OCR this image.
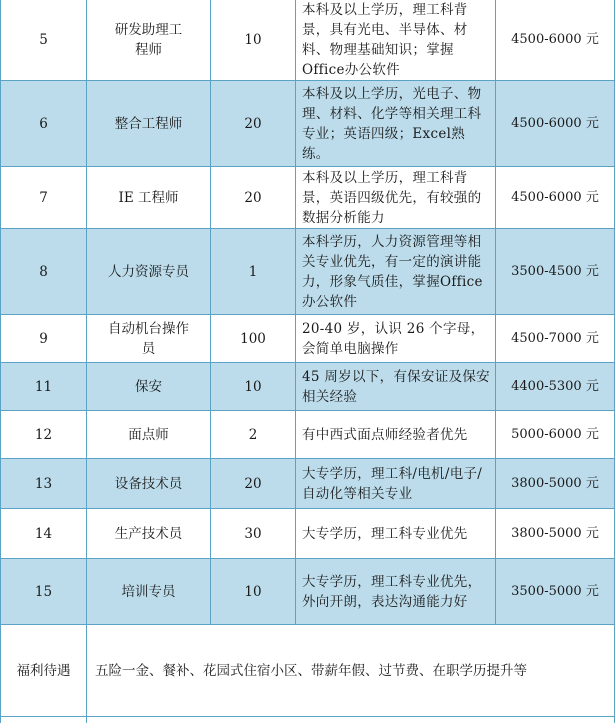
5	研发助理工程师	10	本科及以上学历，理工科背景，具有光电、半导体、材料、物理基础知识；掌握Office办公软件	4500-6000 元
6	整合工程师	20	本科及以上学历，光电子、物理、材料、化学等相关理工科专业；英语四级；Excel熟练。	4500-6000 元
7	IE 工程师	20	本科及以上学历，理工科背景，英语四级优先，有较强的数据分析能力	4500-6000 元
8	人力资源专员	1	本科学历，人力资源管理等相关专业优先，有一定的演讲能力，形象气质佳，掌握Office办公软件	3500-4500 元
9	自动机台操作员	100	20-40 岁，认识 26 个字母，会简单电脑操作	4500-7000 元
11	保安	10	45 周岁以下，有保安证及保安相关经验	4400-5300 元
12	面点师	2	有中西式面点师经验者优先	5000-6000 元
13	设备技术员	20	大专学历，理工科/电机/电子/自动化等相关专业	3800-5000 元
14	生产技术员	30	大专学历，理工科专业优先	3800-5000 元
15	培训专员	10	大专学历，理工科专业优先，外向开朗，表达沟通能力好	3500-5000 元
福利待遇	五险一金、餐补、花园式住宿小区、带薪年假、过节费、在职学历提升等			
